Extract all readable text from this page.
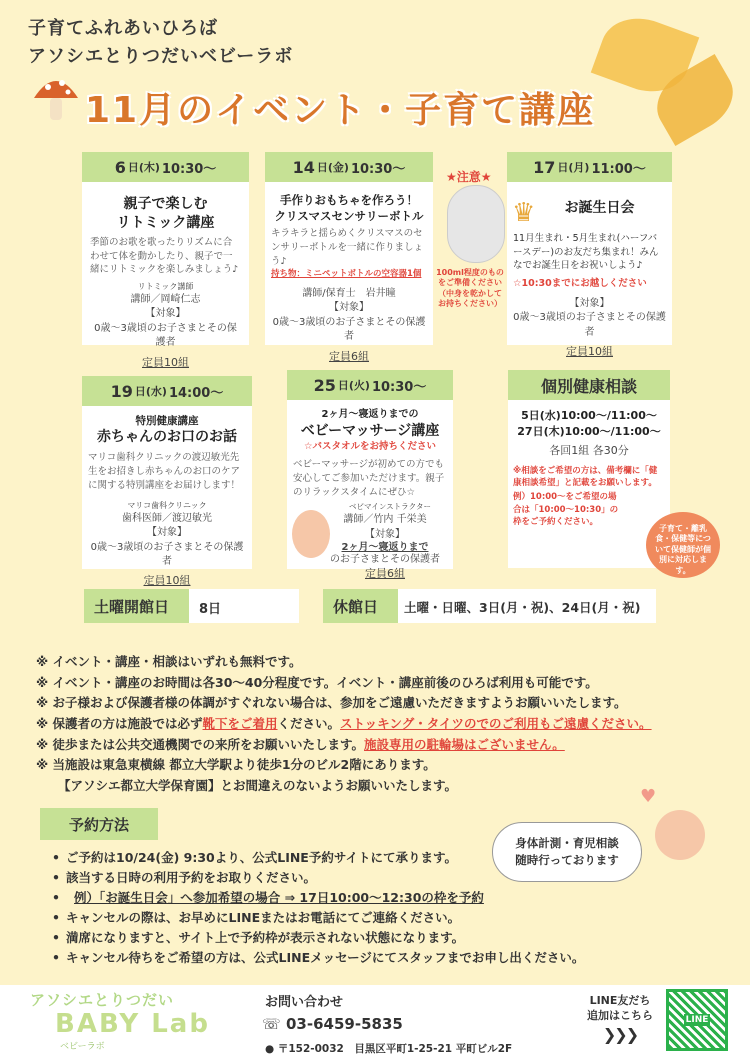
子育てふれあいひろば
アソシエとりつだいベビーラボ
11月のイベント・子育て講座
親子で楽しむ
リトミック講座
季節のお歌を歌ったりリズムに合わせて体を動かしたり、親子で一緒にリトミックを楽しみましょう♪
リトミック講師
講師／岡崎仁志
【対象】
0歳〜3歳頃のお子さまとその保護者
定員10組
6 日(木) 10:30〜
手作りおもちゃを作ろう！
クリスマスセンサリーボトル
キラキラと揺らめくクリスマスのセンサリーボトルを一緒に作りましょう♪
持ち物：ミニペットボトルの空容器1個
講師/保育士　岩井瞳
【対象】
0歳〜3歳頃のお子さまとその保護者
定員6組
14 日(金) 10:30〜
★注意★
100ml程度のものをご準備ください（中身を乾かしてお持ちください）
お誕生日会
11月生まれ・5月生まれ(ハーフバースデー)のお友だち集まれ！みんなでお誕生日をお祝いしよう♪
☆10:30までにお越しください
【対象】
0歳〜3歳頃のお子さまとその保護者
定員10組
17 日(月) 11:00〜
♛
特別健康講座
赤ちゃんのお口のお話
マリコ歯科クリニックの渡辺敏光先生をお招きし赤ちゃんのお口のケアに関する特別講座をお届けします！
マリコ歯科クリニック
歯科医師／渡辺敏光
【対象】
0歳〜3歳頃のお子さまとその保護者
定員10組
19 日(水) 14:00〜
2ヶ月〜寝返りまでの
ベビーマッサージ講座
☆バスタオルをお持ちください
ベビーマッサージが初めての方でも安心してご参加いただけます。親子のリラックスタイムにぜひ☆
ベビマインストラクター
講師／竹内 千栄美
【対象】
2ヶ月〜寝返りまで
のお子さまとその保護者
定員6組
25 日(火) 10:30〜
5日(水)10:00〜/11:00〜
27日(木)10:00〜/11:00〜
各回1組 各30分
※相談をご希望の方は、備考欄に「健康相談希望」と記載をお願いします。
例）10:00〜をご希望の場合は「10:00〜10:30」の枠をご予約ください。
個別健康相談
子育て・離乳食・保健等について保健師が個別に対応します。
土曜開館日	8日	休館日	土曜・日曜、3日(月・祝)、24日(月・祝)
※ イベント・講座・相談はいずれも無料です。
※ イベント・講座のお時間は各30〜40分程度です。イベント・講座前後のひろば利用も可能です。
※ お子様および保護者様の体調がすぐれない場合は、参加をご遠慮いただきますようお願いいたします。
※ 保護者の方は施設では必ず靴下をご着用ください。ストッキング・タイツのでのご利用もご遠慮ください。
※ 徒歩または公共交通機関での来所をお願いいたします。施設専用の駐輪場はございません。
※ 当施設は東急東横線 都立大学駅より徒歩1分のビル2階にあります。
【アソシエ都立大学保育園】とお間違えのないようお願いいたします。
予約方法
• ご予約は10/24(金) 9:30より、公式LINE予約サイトにて承ります。
• 該当する日時の利用予約をお取りください。
• 例）「お誕生日会」へ参加希望の場合 ⇒ 17日10:00〜12:30の枠を予約
• キャンセルの際は、お早めにLINEまたはお電話にてご連絡ください。
• 満席になりますと、サイト上で予約枠が表示されない状態になります。
• キャンセル待ちをご希望の方は、公式LINEメッセージにてスタッフまでお申し出ください。
身体計測・育児相談
随時行っております
♥
アソシエとりつだい
BABY Lab
ベビーラボ
お問い合わせ
☏ 03-6459-5835
● 〒152-0032　目黒区平町1-25-21 平町ビル2F
LINE友だち
追加はこちら
❯❯❯
LINE
